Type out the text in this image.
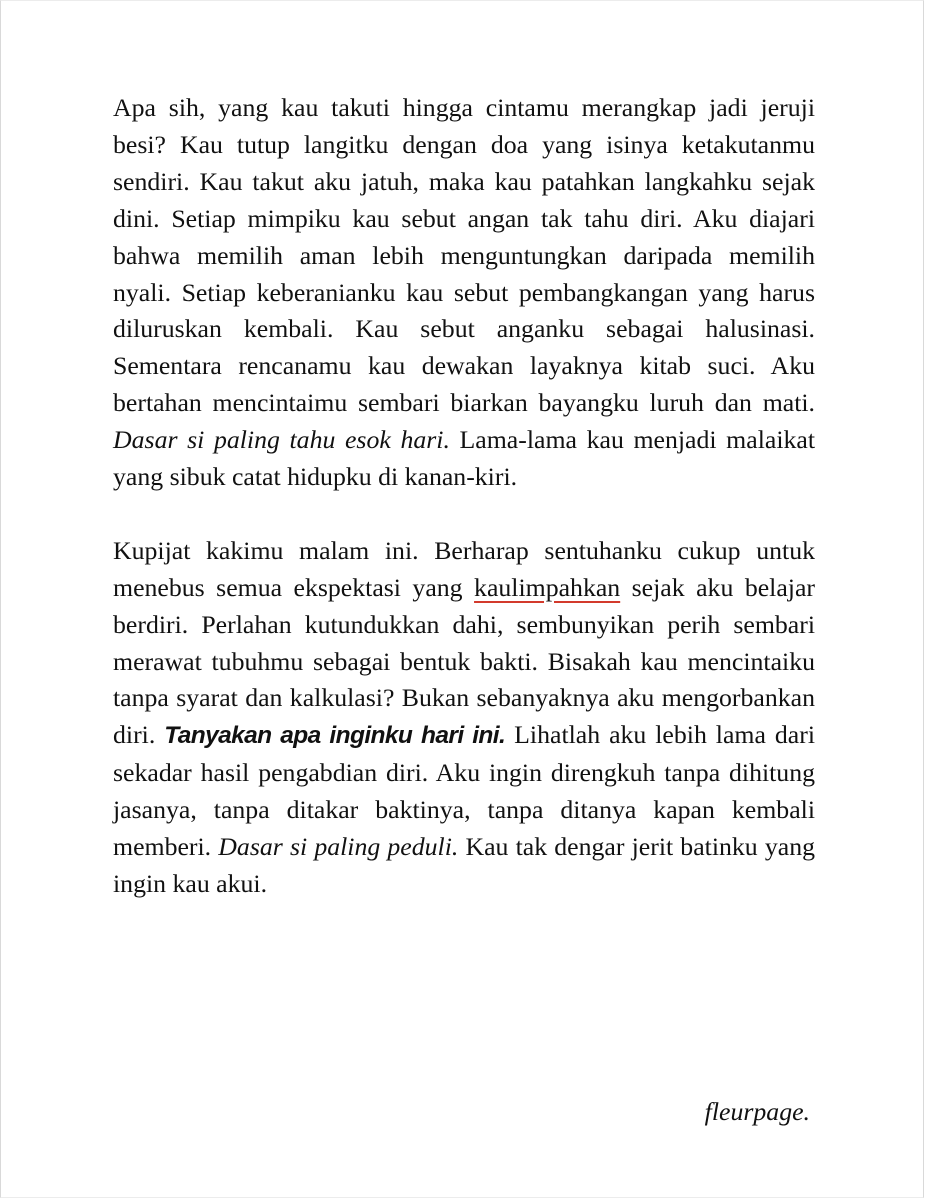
Apa sih, yang kau takuti hingga cintamu merangkap jadi jeruji besi? Kau tutup langitku dengan doa yang isinya ketakutanmu sendiri. Kau takut aku jatuh, maka kau patahkan langkahku sejak dini. Setiap mimpiku kau sebut angan tak tahu diri. Aku diajari bahwa memilih aman lebih menguntungkan daripada memilih nyali. Setiap keberanianku kau sebut pembangkangan yang harus diluruskan kembali. Kau sebut anganku sebagai halusinasi. Sementara rencanamu kau dewakan layaknya kitab suci. Aku bertahan mencintaimu sembari biarkan bayangku luruh dan mati. Dasar si paling tahu esok hari. Lama-lama kau menjadi malaikat yang sibuk catat hidupku di kanan-kiri.

Kupijat kakimu malam ini. Berharap sentuhanku cukup untuk menebus semua ekspektasi yang kaulimpahkan sejak aku belajar berdiri. Perlahan kutundukkan dahi, sembunyikan perih sembari merawat tubuhmu sebagai bentuk bakti. Bisakah kau mencintaiku tanpa syarat dan kalkulasi? Bukan sebanyaknya aku mengorbankan diri. Tanyakan apa inginku hari ini. Lihatlah aku lebih lama dari sekadar hasil pengabdian diri. Aku ingin direngkuh tanpa dihitung jasanya, tanpa ditakar baktinya, tanpa ditanya kapan kembali memberi. Dasar si paling peduli. Kau tak dengar jerit batinku yang ingin kau akui.

fleurpage.
